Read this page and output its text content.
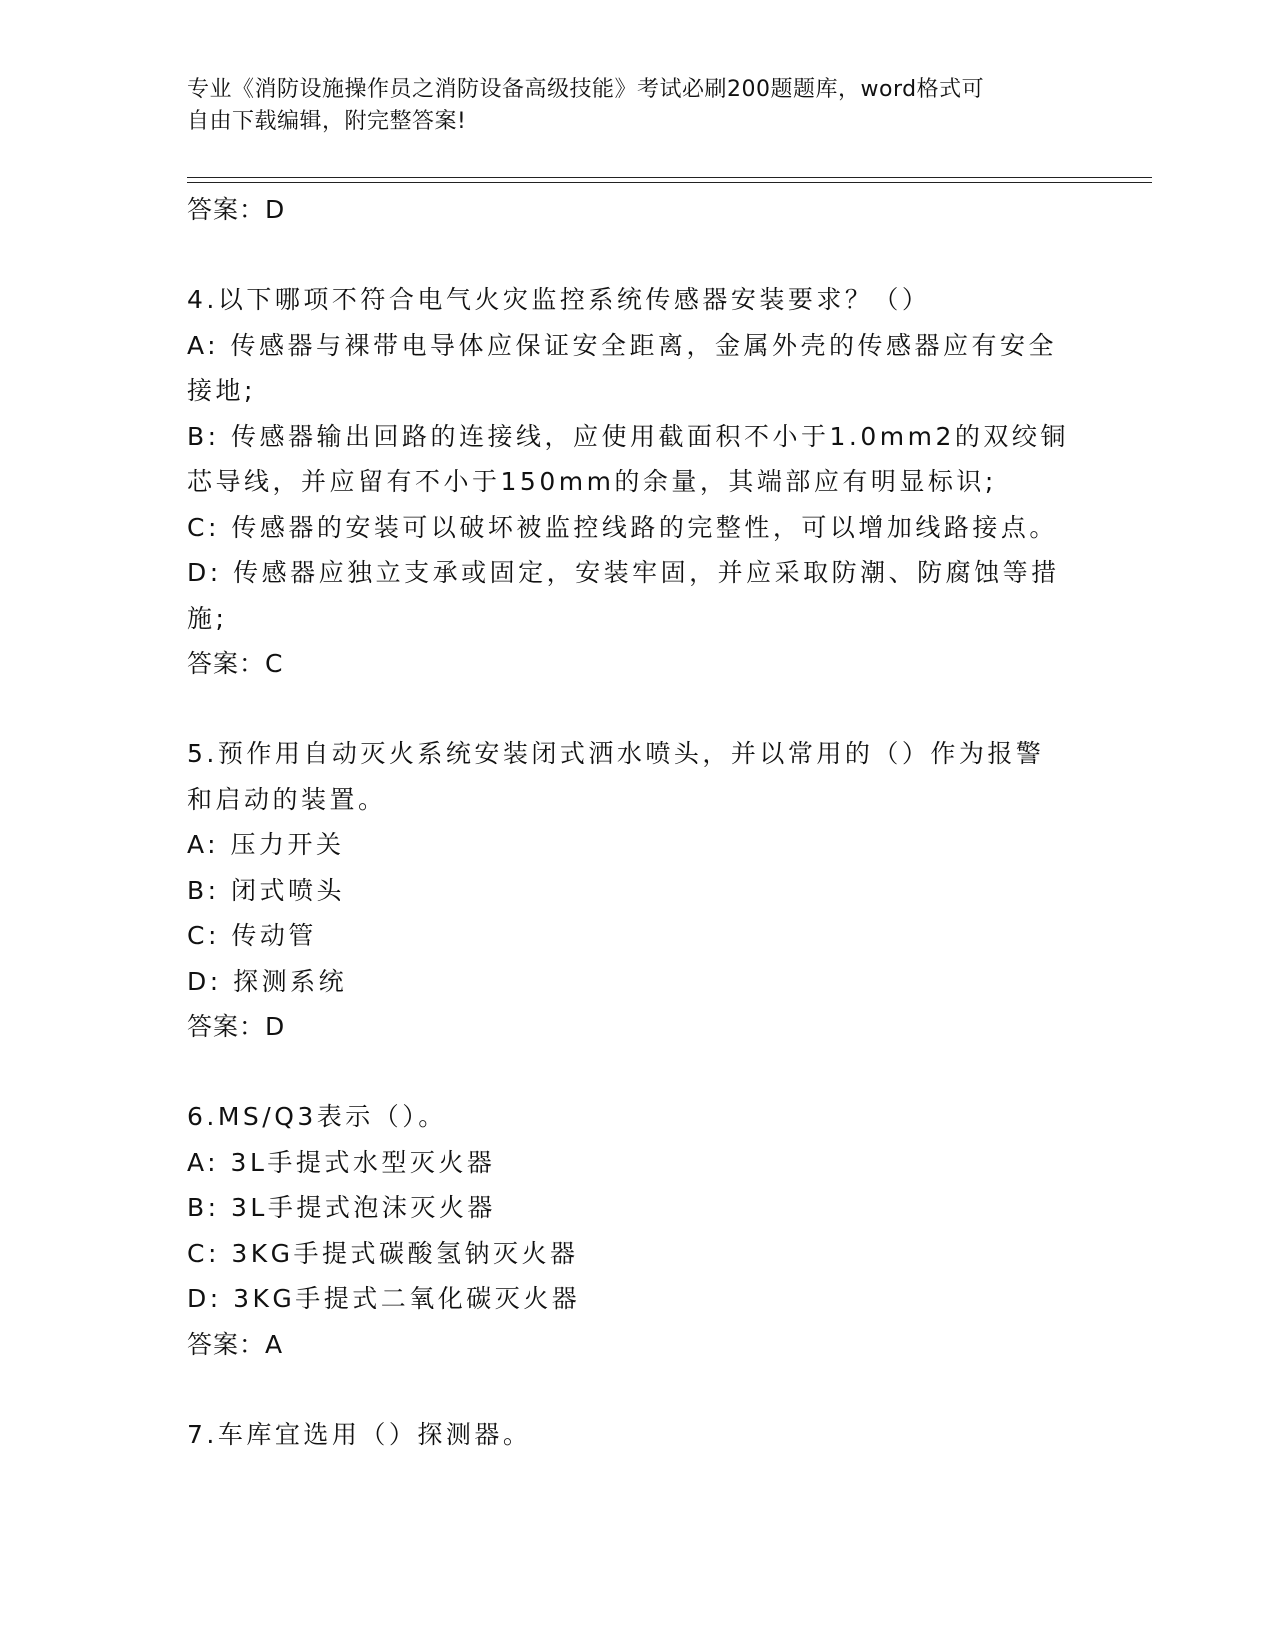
专业《消防设施操作员之消防设备高级技能》考试必刷200题题库，word格式可
自由下载编辑，附完整答案!

答案：D

4.以下哪项不符合电气火灾监控系统传感器安装要求？（）

A: 传感器与裸带电导体应保证安全距离，金属外壳的传感器应有安全

接地;

B: 传感器输出回路的连接线，应使用截面积不小于1.0mm2的双绞铜

芯导线，并应留有不小于150mm的余量，其端部应有明显标识;

C: 传感器的安装可以破坏被监控线路的完整性，可以增加线路接点。

D: 传感器应独立支承或固定，安装牢固，并应采取防潮、防腐蚀等措

施;

答案：C

5.预作用自动灭火系统安装闭式洒水喷头，并以常用的（）作为报警

和启动的装置。

A: 压力开关

B: 闭式喷头

C: 传动管

D: 探测系统

答案：D

6.MS/Q3表示（）。

A: 3L手提式水型灭火器

B: 3L手提式泡沫灭火器

C: 3KG手提式碳酸氢钠灭火器

D: 3KG手提式二氧化碳灭火器

答案：A

7.车库宜选用（）探测器。
